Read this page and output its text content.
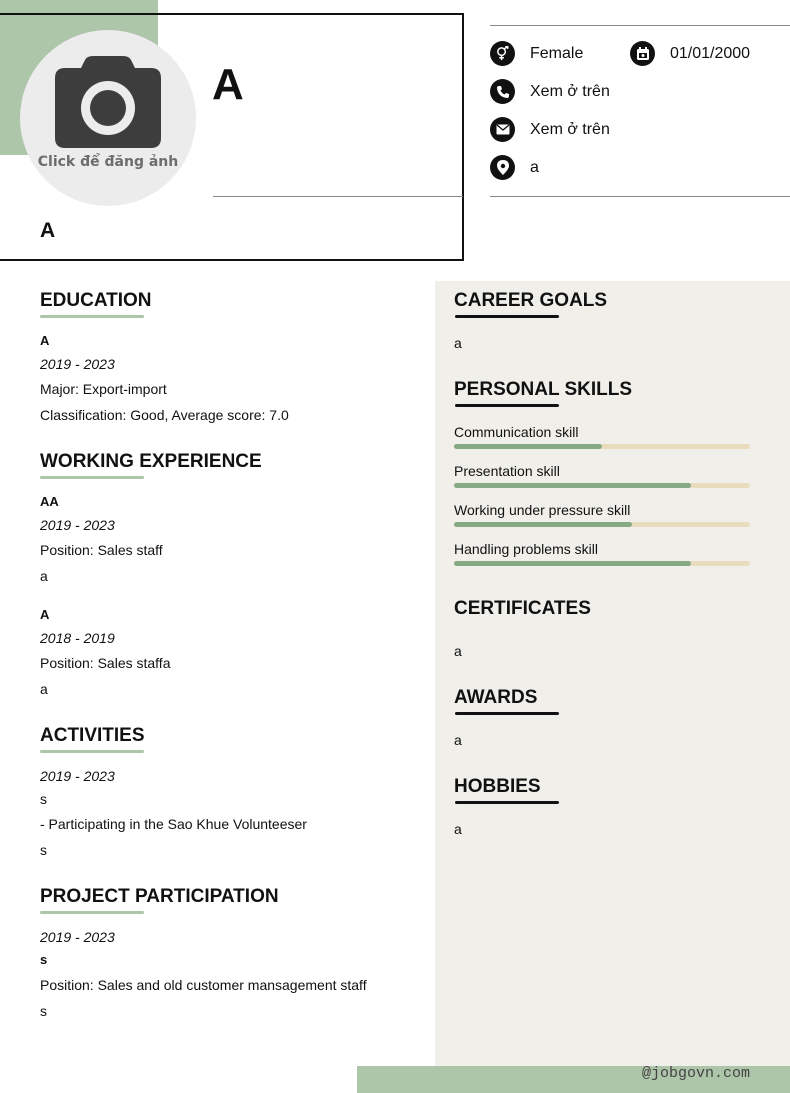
Click để đăng ảnh
A
A
Female	01/01/2000
Xem ở trên
Xem ở trên
a
EDUCATION
A
2019 - 2023
Major: Export-import
Classification: Good, Average score: 7.0
WORKING EXPERIENCE
AA
2019 - 2023
Position: Sales staff
a
A
2018 - 2019
Position: Sales staffa
a
ACTIVITIES
2019 - 2023
s
- Participating in the Sao Khue Voluntee​ser
s
PROJECT PARTICIPATION
2019 - 2023
s
Position: Sales and old customer mansagement staff
s
CAREER GOALS
a
PERSONAL SKILLS
Communication skill
Presentation skill
Working under pressure skill
Handling problems skill
CERTIFICATES
a
AWARDS
a
HOBBIES
a
@jobgovn.com
